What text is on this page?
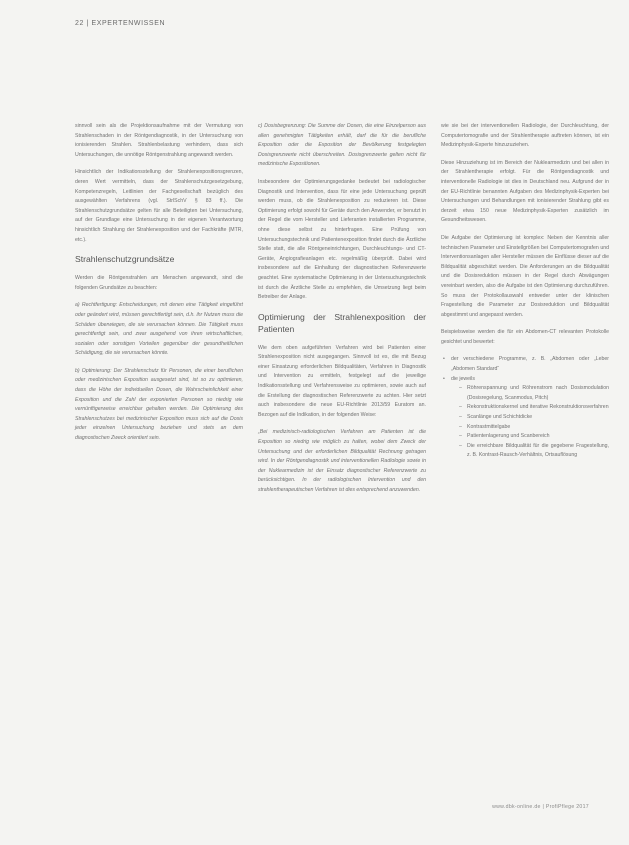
22 | EXPERTENWISSEN

sinnvoll sein als die Projektionsaufnahme mit der Vermutung von Strahlenschaden in der Röntgendiagnostik, in der Untersuchung von ionisierenden Strahlen. Strahlenbelastung verhindern, dass sich Untersuchungen, die unnötige Röntgenstrahlung angewandt werden.

Hinsichtlich der Indikationsstellung der Strahlenexpositionsgrenzen, deren Wert vermitteln, dass der Strahlenschutzgesetzgebung, Kompetenzregeln, Leitlinien der Fachgesellschaft bezüglich des ausgewählten Verfahrens (vgl. StrlSchV § 83 ff.). Die Strahlenschutzgrundsätze gelten für alle Beteiligten bei Untersuchung, auf der Grundlage eine Untersuchung in der eigenen Verantwortung hinsichtlich Strahlung der Strahlenexposition und der Fachkräfte (MTR, etc.).

Strahlenschutzgrundsätze

Werden die Röntgenstrahlen am Menschen angewandt, sind die folgenden Grundsätze zu beachten:

a) Rechtfertigung: Entscheidungen, mit denen eine Tätigkeit eingeführt oder geändert wird, müssen gerechtfertigt sein, d.h. ihr Nutzen muss die Schäden überwiegen, die sie verursachen können. Die Tätigkeit muss gerechtfertigt sein, und zwar ausgehend von ihren wirtschaftlichen, sozialen oder sonstigen Vorteilen gegenüber der gesundheitlichen Schädigung, die sie verursachen könnte.

b) Optimierung: Der Strahlenschutz für Personen, die einer beruflichen oder medizinischen Exposition ausgesetzt sind, ist so zu optimieren, dass die Höhe der individuellen Dosen, die Wahrscheinlichkeit einer Exposition und die Zahl der exponierten Personen so niedrig wie vernünftigerweise erreichbar gehalten werden. Die Optimierung des Strahlenschutzes bei medizinischer Exposition muss sich auf die Dosis jeder einzelnen Untersuchung beziehen und stets an dem diagnostischen Zweck orientiert sein.

c) Dosisbegrenzung: Die Summe der Dosen, die eine Einzelperson aus allen genehmigten Tätigkeiten erhält, darf die für die berufliche Exposition oder die Exposition der Bevölkerung festgelegten Dosisgrenzwerte nicht überschreiten. Dosisgrenzwerte gelten nicht für medizinische Expositionen.

Insbesondere der Optimierungsgedanke bedeutet bei radiologischer Diagnostik und Intervention, dass für eine jede Untersuchung geprüft werden muss, ob die Strahlenexposition zu reduzieren ist. Diese Optimierung erfolgt sowohl für Geräte durch den Anwender, er benutzt in der Regel die vom Hersteller und Lieferanten installierten Programme, ohne diese selbst zu hinterfragen. Eine Prüfung von Untersuchungstechnik und Patientenexposition findet durch die Ärztliche Stelle statt, die alle Röntgeneinrichtungen, Durchleuchtungs- und CT-Geräte, Angiografieanlagen etc. regelmäßig überprüft. Dabei wird insbesondere auf die Einhaltung der diagnostischen Referenzwerte geachtet. Eine systematische Optimierung in der Untersuchungstechnik ist durch die Ärztliche Stelle zu empfehlen, die Umsetzung liegt beim Betreiber der Anlage.

Optimierung der Strahlenexposition der Patienten

Wie dem oben aufgeführten Verfahren wird bei Patienten einer Strahlenexposition nicht ausgegangen. Sinnvoll ist es, die mit Bezug einer Einsatzung erforderlichen Bildqualitäten, Verfahren in Diagnostik und Intervention zu ermitteln, festgelegt auf die jeweilige Indikationsstellung und Verfahrensweise zu optimieren, sowie auch auf die Erstellung der diagnostischen Referenzwerte zu achten. Hier setzt auch insbesondere die neue EU-Richtlinie 2013/59 Euratom an. Bezogen auf die Indikation, in der folgenden Weise:

„Bei medizinisch-radiologischen Verfahren am Patienten ist die Exposition so niedrig wie möglich zu halten, wobei dem Zweck der Untersuchung und der erforderlichen Bildqualität Rechnung getragen wird. In der Röntgendiagnostik und interventionellen Radiologie sowie in der Nuklearmedizin ist der Einsatz diagnostischer Referenzwerte zu berücksichtigen. In der radiologischen Intervention und den strahlentherapeutischen Verfahren ist dies entsprechend anzuwenden.

wie sie bei der interventionellen Radiologie, der Durchleuchtung, der Computertomografie und der Strahlentherapie auftreten können, ist ein Medizinphysik-Experte hinzuzuziehen.

Diese Hinzuziehung ist im Bereich der Nuklearmedizin und bei allen in der Strahlentherapie erfolgt. Für die Röntgendiagnostik und interventionelle Radiologie ist dies in Deutschland neu. Aufgrund der in der EU-Richtlinie benannten Aufgaben des Medizinphysik-Experten bei Untersuchungen und Behandlungen mit ionisierender Strahlung gibt es derzeit etwa 150 neue Medizinphysik-Experten zusätzlich im Gesundheitswesen.

Die Aufgabe der Optimierung ist komplex: Neben der Kenntnis aller technischen Parameter und Einstellgrößen bei Computertomografen und Interventionsanlagen aller Hersteller müssen die Einflüsse dieser auf die Bildqualität abgeschätzt werden. Die Anforderungen an die Bildqualität und die Dosisreduktion müssen in der Regel durch Abwägungen vereinbart werden, also die Aufgabe ist den Optimierung durchzuführen. So muss der Protokollauswahl entweder unter der klinischen Fragestellung die Parameter zur Dosisreduktion und Bildqualität abgestimmt und angepasst werden.

Beispielsweise werden die für ein Abdomen-CT relevanten Protokolle gesichtet und bewertet:

• der verschiedene Programme, z. B. „Abdomen oder „Leber „Abdomen Standard“
• die jeweils
– Röhrenspannung und Röhrenstrom nach Dosismodulation (Dosisregelung, Scanmodus, Pitch)
– Rekonstruktionskernel und iterative Rekonstruktionsverfahren
– Scanlänge und Schichtdicke
– Kontrastmittelgabe
– Patientenlagerung und Scanbereich
– Die erreichbare Bildqualität für die gegebene Fragestellung, z. B. Kontrast-Rausch-Verhältnis, Ortsauflösung
www.dbk-online.de | ProfiPflege 2017
